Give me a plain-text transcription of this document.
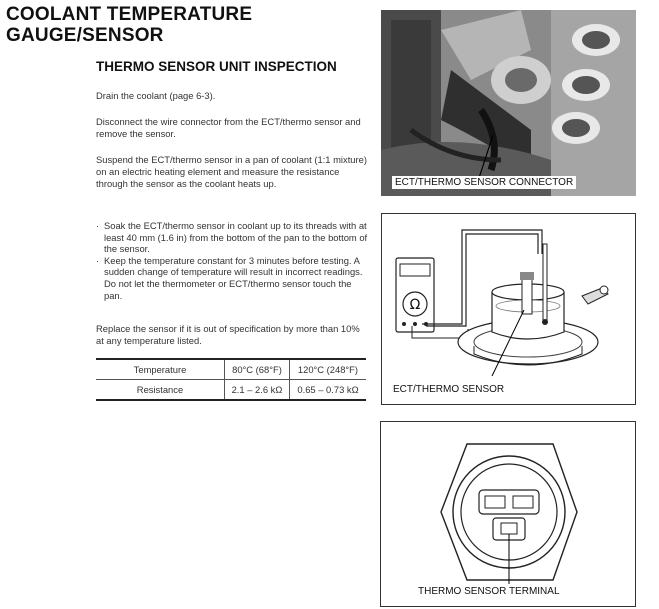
COOLANT TEMPERATURE
GAUGE/SENSOR
THERMO SENSOR UNIT INSPECTION
Drain the coolant (page 6-3).
Disconnect the wire connector from the ECT/thermo sensor and remove the sensor.
Suspend the ECT/thermo sensor in a pan of coolant (1:1 mixture) on an electric heating element and measure the resistance through the sensor as the coolant heats up.
· Soak the ECT/thermo sensor in coolant up to its threads with at least 40 mm (1.6 in) from the bottom of the pan to the bottom of the sensor.
· Keep the temperature constant for 3 minutes before testing. A sudden change of temperature will result in incorrect readings. Do not let the thermometer or ECT/thermo sensor touch the pan.
Replace the sensor if it is out of specification by more than 10% at any temperature listed.
Temperature	80°C (68°F)	120°C (248°F)
Resistance	2.1 – 2.6 kΩ	0.65 – 0.73 kΩ
ECT/THERMO SENSOR CONNECTOR
Ω
ECT/THERMO SENSOR
THERMO SENSOR TERMINAL
